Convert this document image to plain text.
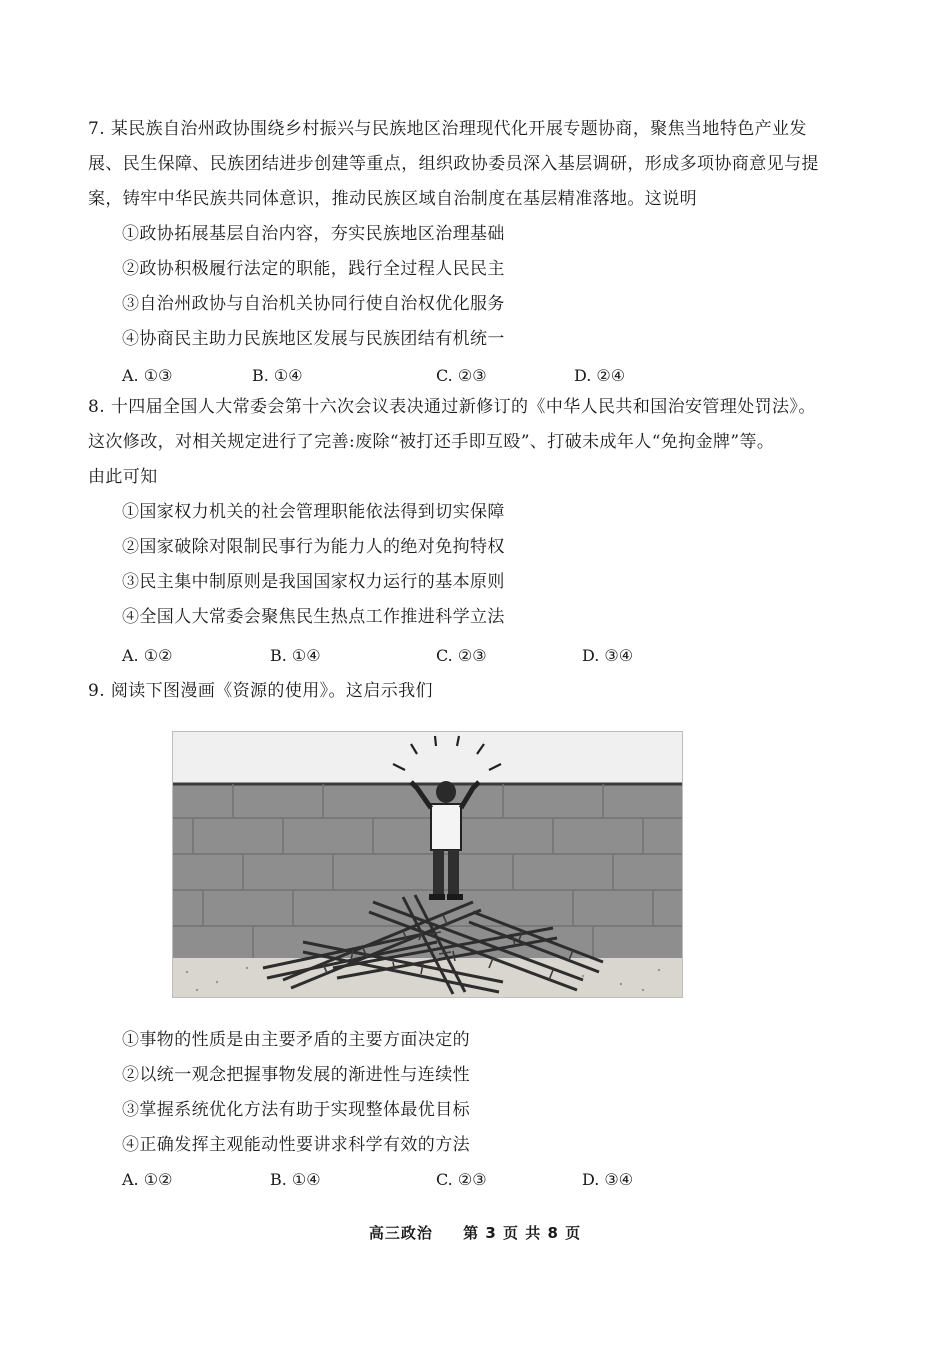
7. 某民族自治州政协围绕乡村振兴与民族地区治理现代化开展专题协商，聚焦当地特色产业发
展、民生保障、民族团结进步创建等重点，组织政协委员深入基层调研，形成多项协商意见与提
案，铸牢中华民族共同体意识，推动民族区域自治制度在基层精准落地。这说明
①政协拓展基层自治内容，夯实民族地区治理基础
②政协积极履行法定的职能，践行全过程人民民主
③自治州政协与自治机关协同行使自治权优化服务
④协商民主助力民族地区发展与民族团结有机统一
A. ①③	B. ①④	C. ②③	D. ②④
8. 十四届全国人大常委会第十六次会议表决通过新修订的《中华人民共和国治安管理处罚法》。
这次修改，对相关规定进行了完善:废除“被打还手即互殴”、打破未成年人“免拘金牌”等。
由此可知
①国家权力机关的社会管理职能依法得到切实保障
②国家破除对限制民事行为能力人的绝对免拘特权
③民主集中制原则是我国国家权力运行的基本原则
④全国人大常委会聚焦民生热点工作推进科学立法
A. ①②	B. ①④	C. ②③	D. ③④
9. 阅读下图漫画《资源的使用》。这启示我们
①事物的性质是由主要矛盾的主要方面决定的
②以统一观念把握事物发展的渐进性与连续性
③掌握系统优化方法有助于实现整体最优目标
④正确发挥主观能动性要讲求科学有效的方法
A. ①②	B. ①④	C. ②③	D. ③④
高三政治 第 3 页 共 8 页
